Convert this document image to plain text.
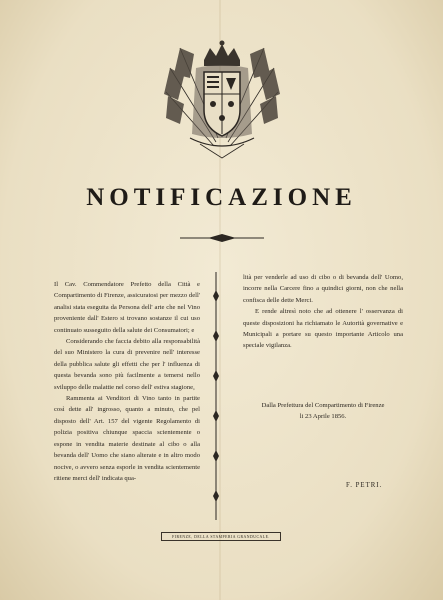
NOTIFICAZIONE

Il Cav. Commendatore Prefetto della Città e Compartimento di Firenze, assicuratosi per mezzo dell' analisi stata eseguita da Persona dell' arte che nel Vino proveniente dall' Estero si trovano sostanze il cui uso continuato susseguito della salute dei Consumatori; e

Considerando che faccia debito alla responsabilità del suo Ministero la cura di prevenire nell' interesse della pubblica salute gli effetti che per l' influenza di questa bevanda sono più facilmente a temersi nello sviluppo delle malattie nel corso dell' estiva stagione,

Rammenta ai Venditori di Vino tanto in partite così dette all' ingrosso, quanto a minuto, che pel disposto dell' Art. 157 del vigente Regolamento di polizia positiva chiunque spaccia scientemente o espone in vendita materie destinate al cibo o alla bevanda dell' Uomo che siano alterate e in altro modo nocive, o avvero senza esporle in vendita scientemente ritiene merci dell' indicata qua-

lità per venderle ad uso di cibo o di bevanda dell' Uomo, incorre nella Carcere fino a quindici giorni, non che nella confisca delle dette Merci.

E rende altresì noto che ad ottenere l' osservanza di queste disposizioni ha richiamato le Autorità governative e Municipali a portare su questo importante Articolo una speciale vigilanza.

Dalla Prefettura del Compartimento di Firenze
li 23 Aprile 1856.
F. PETRI.
FIRENZE, DELLA STAMPERIA GRANDUCALE.
